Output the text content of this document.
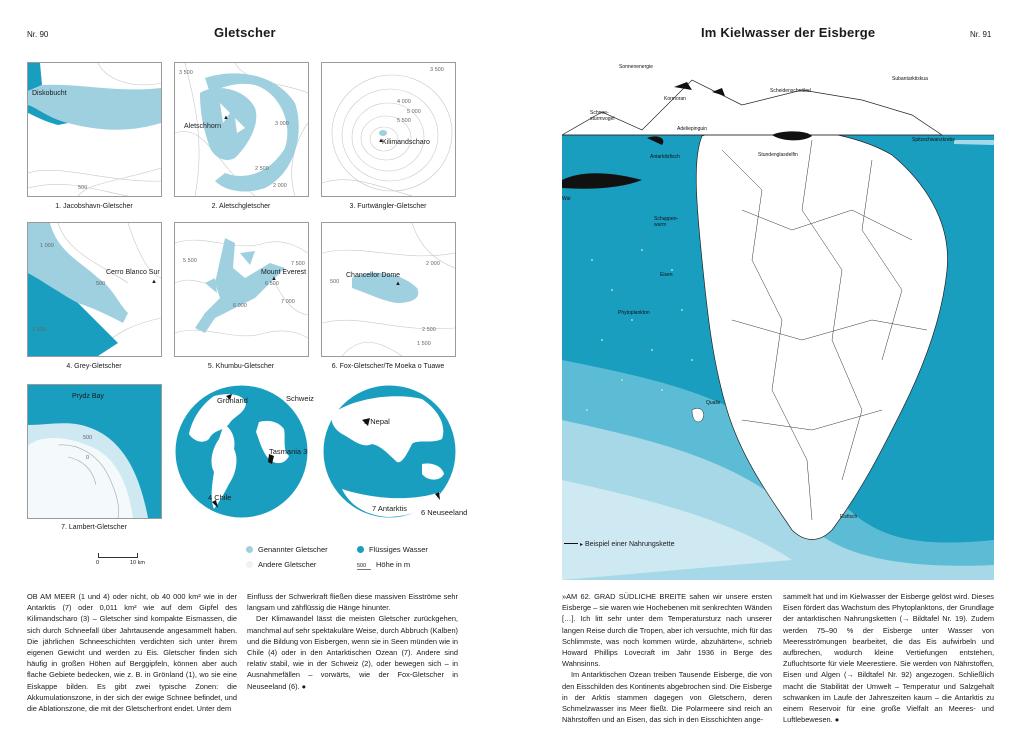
Nr. 90	Gletscher
Diskobucht
500
1. Jacobshavn-Gletscher
Aletschhorn
▲
3 500
3 000
2 500
2 000
2. Aletschgletscher
Kilimandscharo
▲
3 500
4 000
5 000
5 500
3. Furtwängler-Gletscher
Cerro Blanco Sur
▲
1 000
500
1 500
4. Grey-Gletscher
Mount Everest
▲
5 500
6 000
6 500
7 000
7 500
5. Khumbu-Gletscher
Chancellor Dome
▲
500
2 000
2 500
1 500
6. Fox-Gletscher/Te Moeka o Tuawe
Prydz Bay
500
0
7. Lambert-Gletscher
0	10 km
Grönland	Schweiz
Tasmania 3
4 Chile
5 Nepal
7 Antarktis 6 Neuseeland
Genannter Gletscher
Andere Gletscher
Flüssiges Wasser
500 Höhe in m

OB AM MEER (1 und 4) oder nicht, ob 40 000 km² wie in der Antarktis (7) oder 0,011 km² wie auf dem Gipfel des Kilimandscharo (3) – Gletscher sind kompakte Eismassen, die sich durch Schneefall über Jahrtausende angesammelt haben. Die jährlichen Schneeschichten verdichten sich unter ihrem eigenen Gewicht und werden zu Eis. Gletscher finden sich häufig in großen Höhen auf Berggipfeln, können aber auch flache Gebiete bedecken, wie z. B. in Grönland (1), wo sie eine Eiskappe bilden. Es gibt zwei typische Zonen: die Akkumulationszone, in der sich der ewige Schnee befindet, und die Ablationszone, die mit der Gletscherfront endet. Unter dem

Einfluss der Schwerkraft fließen diese massiven Eisströme sehr langsam und zähflüssig die Hänge hinunter.

Der Klimawandel lässt die meisten Gletscher zurückgehen, manchmal auf sehr spektakuläre Weise, durch Abbruch (Kalben) und die Bildung von Eisbergen, wenn sie in Seen münden wie in Chile (4) oder in den Antarktischen Ozean (7). Andere sind relativ stabil, wie in der Schweiz (2), oder bewegen sich – in Ausnahmefällen – vorwärts, wie der Fox-Gletscher in Neuseeland (6). ●

Im Kielwasser der Eisberge	Nr. 91
Sonnenenergie
Schnee-
sturmvogel
Kormoran
Scheidenschnäbel
Subantarktiskua
Adeliepinguin
Stundenglasdelfin
Wal
Antarktisfisch
Schuppen-
wurm
Eisen
Phytoplankton
Qualle
Eisfisch
Spitzschwanzkrebs
▸ Beispiel einer Nahrungskette

»AM 62. GRAD SÜDLICHE BREITE sahen wir unsere ersten Eisberge – sie waren wie Hochebenen mit senkrechten Wänden […]. Ich litt sehr unter dem Temperatursturz nach unserer langen Reise durch die Tropen, aber ich versuchte, mich für das Schlimmste, was noch kommen würde, abzuhärten«, schrieb Howard Phillips Lovecraft im Jahr 1936 in Berge des Wahnsinns.

Im Antarktischen Ozean treiben Tausende Eisberge, die von den Eisschilden des Kontinents abgebrochen sind. Die Eisberge in der Arktis stammen dagegen von Gletschern, deren Schmelzwasser ins Meer fließt. Die Polarmeere sind reich an Nährstoffen und an Eisen, das sich in den Eisschichten ange-

sammelt hat und im Kielwasser der Eisberge gelöst wird. Dieses Eisen fördert das Wachstum des Phytoplanktons, der Grundlage der antarktischen Nahrungsketten (→ Bildtafel Nr. 19). Zudem werden 75–90 % der Eisberge unter Wasser von Meeresströmungen bearbeitet, die das Eis aufwirbeln und aufbrechen, wodurch kleine Vertiefungen entstehen, Zufluchtsorte für viele Meerestiere. Sie werden von Nährstoffen, Eisen und Algen (→ Bildtafel Nr. 92) angezogen. Schließlich macht die Stabilität der Umwelt – Temperatur und Salzgehalt schwanken im Laufe der Jahreszeiten kaum – die Antarktis zu einem Reservoir für eine große Vielfalt an Meeres- und Luftlebewesen. ●
